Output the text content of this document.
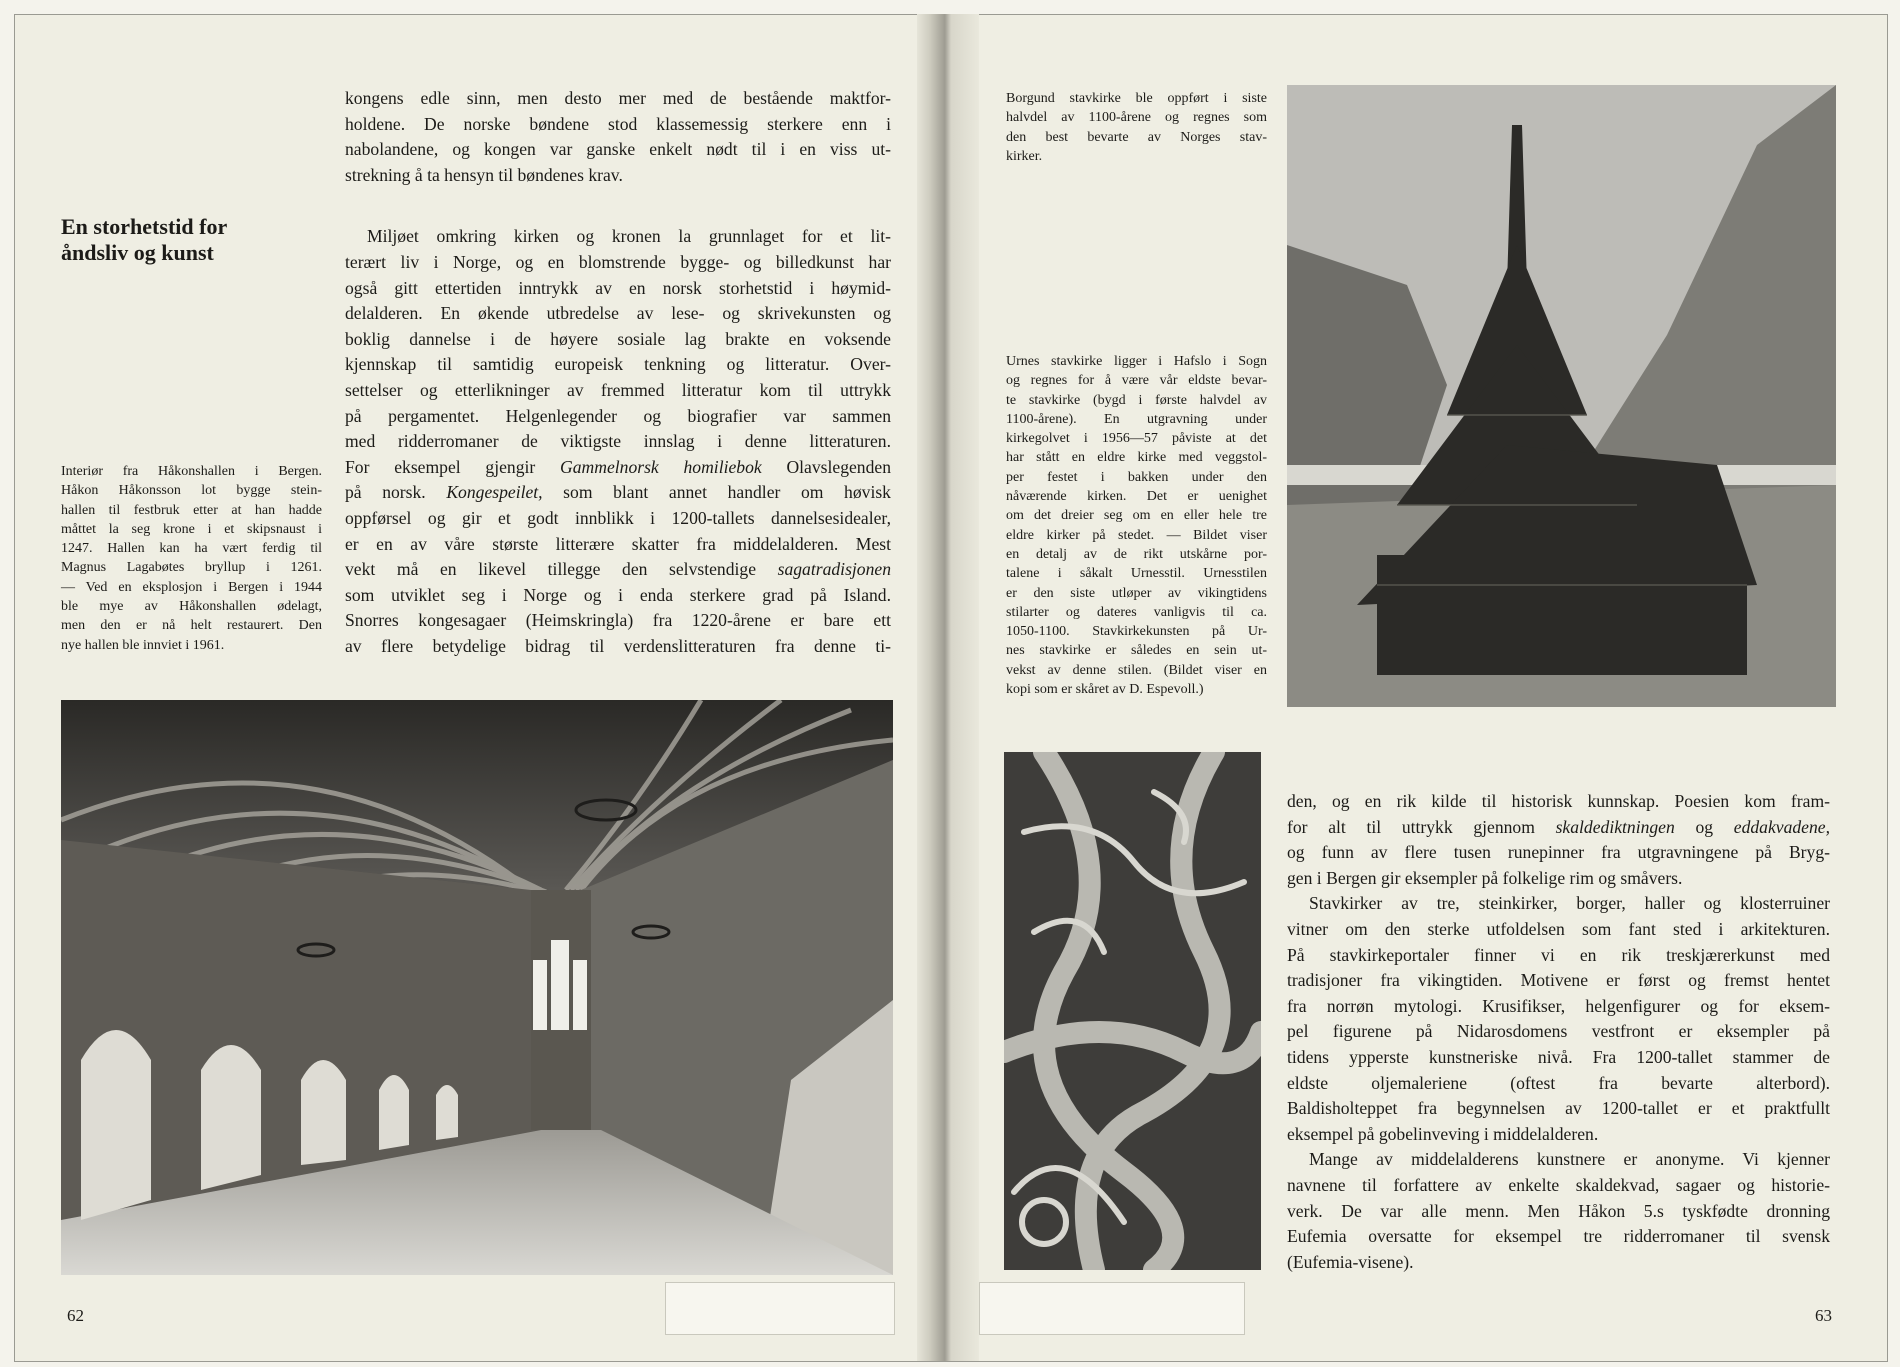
En storhetstid for
åndsliv og kunst
Interiør fra Håkonshallen i Bergen.
Håkon Håkonsson lot bygge stein-
hallen til festbruk etter at han hadde
måttet la seg krone i et skipsnaust i
1247. Hallen kan ha vært ferdig til
Magnus Lagabøtes bryllup i 1261.
— Ved en eksplosjon i Bergen i 1944
ble mye av Håkonshallen ødelagt,
men den er nå helt restaurert. Den
nye hallen ble innviet i 1961.
kongens edle sinn, men desto mer med de bestående maktfor-
holdene. De norske bøndene stod klassemessig sterkere enn i
nabolandene, og kongen var ganske enkelt nødt til i en viss ut-
strekning å ta hensyn til bøndenes krav.
Miljøet omkring kirken og kronen la grunnlaget for et lit-
terært liv i Norge, og en blomstrende bygge- og billedkunst har
også gitt ettertiden inntrykk av en norsk storhetstid i høymid-
delalderen. En økende utbredelse av lese- og skrivekunsten og
boklig dannelse i de høyere sosiale lag brakte en voksende
kjennskap til samtidig europeisk tenkning og litteratur. Over-
settelser og etterlikninger av fremmed litteratur kom til uttrykk
på pergamentet. Helgenlegender og biografier var sammen
med ridderromaner de viktigste innslag i denne litteraturen.
For eksempel gjengir Gammelnorsk homiliebok Olavslegenden
på norsk. Kongespeilet, som blant annet handler om høvisk
oppførsel og gir et godt innblikk i 1200-tallets dannelsesidealer,
er en av våre største litterære skatter fra middelalderen. Mest
vekt må en likevel tillegge den selvstendige sagatradisjonen
som utviklet seg i Norge og i enda sterkere grad på Island.
Snorres kongesagaer (Heimskringla) fra 1220-årene er bare ett
av flere betydelige bidrag til verdenslitteraturen fra denne ti-
62
Borgund stavkirke ble oppført i siste
halvdel av 1100-årene og regnes som
den best bevarte av Norges stav-
kirker.
Urnes stavkirke ligger i Hafslo i Sogn
og regnes for å være vår eldste bevar-
te stavkirke (bygd i første halvdel av
1100-årene). En utgravning under
kirkegolvet i 1956—57 påviste at det
har stått en eldre kirke med veggstol-
per festet i bakken under den
nåværende kirken. Det er uenighet
om det dreier seg om en eller hele tre
eldre kirker på stedet. — Bildet viser
en detalj av de rikt utskårne por-
talene i såkalt Urnesstil. Urnesstilen
er den siste utløper av vikingtidens
stilarter og dateres vanligvis til ca.
1050-1100. Stavkirkekunsten på Ur-
nes stavkirke er således en sein ut-
vekst av denne stilen. (Bildet viser en
kopi som er skåret av D. Espevoll.)
den, og en rik kilde til historisk kunnskap. Poesien kom fram-
for alt til uttrykk gjennom skaldediktningen og eddakvadene,
og funn av flere tusen runepinner fra utgravningene på Bryg-
gen i Bergen gir eksempler på folkelige rim og småvers.
Stavkirker av tre, steinkirker, borger, haller og klosterruiner
vitner om den sterke utfoldelsen som fant sted i arkitekturen.
På stavkirkeportaler finner vi en rik treskjærerkunst med
tradisjoner fra vikingtiden. Motivene er først og fremst hentet
fra norrøn mytologi. Krusifikser, helgenfigurer og for eksem-
pel figurene på Nidarosdomens vestfront er eksempler på
tidens ypperste kunstneriske nivå. Fra 1200-tallet stammer de
eldste oljemaleriene (oftest fra bevarte alterbord).
Baldisholteppet fra begynnelsen av 1200-tallet er et praktfullt
eksempel på gobelinveving i middelalderen.
Mange av middelalderens kunstnere er anonyme. Vi kjenner
navnene til forfattere av enkelte skaldekvad, sagaer og historie-
verk. De var alle menn. Men Håkon 5.s tyskfødte dronning
Eufemia oversatte for eksempel tre ridderromaner til svensk
(Eufemia-visene).
63
